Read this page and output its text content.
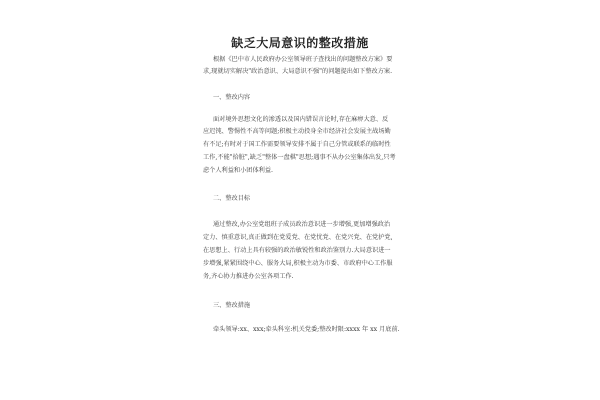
缺乏大局意识的整改措施
根据《巴中市人民政府办公室领导班子查找出的问题整改方案》要
求,现就切实解决"政治意识、大局意识不强"的问题提出如下整改方案.
一、整改内容
面对境外思想文化的渗透以及国内错误言论时,存在麻痹大意、反
应迟钝、警惕性不高等问题;积极主动投身全市经济社会发展主战场勤
有不足;有时对于国工作需要领导安排不属于自己分管或联系的临时性
工作,不能"拾脏",缺乏"整体一盘棋"思想;遇事不从办公室集体出发,只考
虑个人利益和小团体利益.
二、整改目标
通过整改,办公室党组班子成员政治意识进一步增强,更加增强政治
定力、慎重意识,真正做到在党爱党、在党忧党、在党兴党、在党护党,
在思想上、行动上具有较强的政治敏锐性和政治鉴别力.大局意识进一
步增强,紧紧围绕中心、服务大局,积极主动为市委、市政府中心工作服
务,齐心协力推进办公室各项工作.
三、整改措施
牵头领导:xx、xxx;牵头科室:机关党委;整改时限:xxxx 年 xx 月底前.
